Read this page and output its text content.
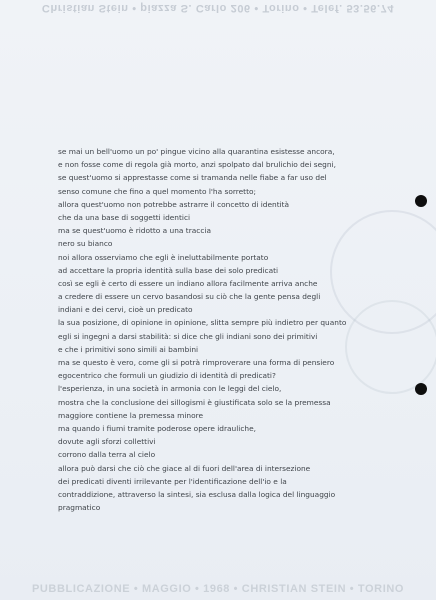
Christian Stein • piazza S. Carlo 206 • Torino • Telef. 53.56.74
se mai un bell'uomo un po' pingue vicino alla quarantina esistesse ancora,
e non fosse come di regola già morto, anzi spolpato dal brulichio dei segni,
se quest'uomo si apprestasse come si tramanda nelle fiabe a far uso del
senso comune che fino a quel momento l'ha sorretto;
allora quest'uomo non potrebbe astrarre il concetto di identità
che da una base di soggetti identici
ma se quest'uomo è ridotto a una traccia
nero su bianco
noi allora osserviamo che egli è ineluttabilmente portato
ad accettare la propria identità sulla base dei solo predicati
così se egli è certo di essere un indiano allora facilmente arriva anche
a credere di essere un cervo basandosi su ciò che la gente pensa degli
indiani e dei cervi, cioè un predicato
la sua posizione, di opinione in opinione, slitta sempre più indietro per quanto
egli si ingegni a darsi stabilità: si dice che gli indiani sono dei primitivi
e che i primitivi sono simili ai bambini
ma se questo è vero, come gli si potrà rimproverare una forma di pensiero
egocentrico che formuli un giudizio di identità di predicati?
l'esperienza, in una società in armonia con le leggi del cielo,
mostra che la conclusione dei sillogismi è giustificata solo se la premessa
maggiore contiene la premessa minore
ma quando i fiumi tramite poderose opere idrauliche,
dovute agli sforzi collettivi
corrono dalla terra al cielo
allora può darsi che ciò che giace al di fuori dell'area di intersezione
dei predicati diventi irrilevante per l'identificazione dell'io e la
contraddizione, attraverso la sintesi, sia esclusa dalla logica del linguaggio
pragmatico
PUBBLICAZIONE • MAGGIO • 1968 • CHRISTIAN STEIN • TORINO
